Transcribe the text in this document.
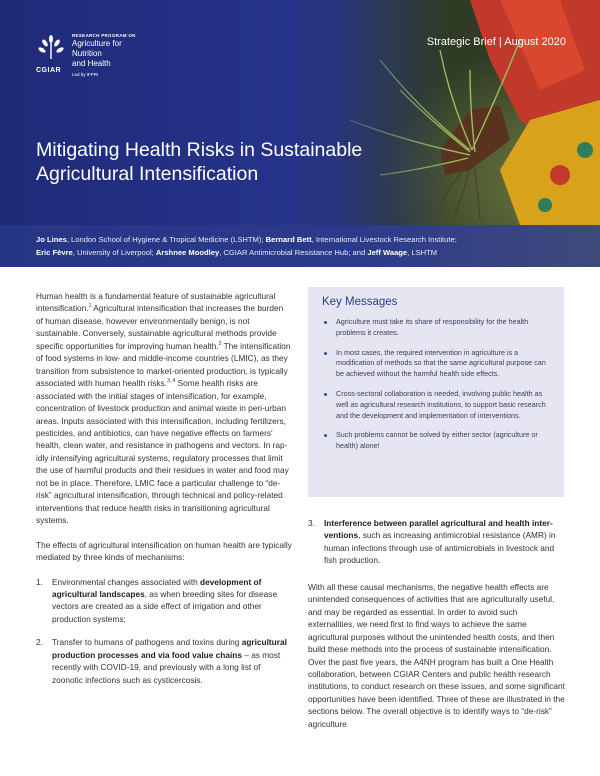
RESEARCH PROGRAM ON
Agriculture for
Nutrition
and Health
Led by IFPRI
CGIAR
Strategic Brief | August 2020
Mitigating Health Risks in Sustainable Agricultural Intensification
Jo Lines, London School of Hygiene & Tropical Medicine (LSHTM); Bernard Bett, International Livestock Research Institute;
Eric Fèvre, University of Liverpool; Arshnee Moodley, CGIAR Antimicrobial Resistance Hub; and Jeff Waage, LSHTM

Human health is a fundamental feature of sustainable agricultural intensification.$^1$ Agricultural intensification that increases the burden of human disease, however environmentally benign, is not sustainable. Conversely, sustainable agricultural methods provide specific opportunities for improving human health.$^2$ The intensification of food systems in low- and middle-income countries (LMIC), as they transition from subsistence to market-oriented production, is typically associated with human health risks.$^{3, 4}$ Some health risks are associated with the initial stages of intensification, for example, concentration of livestock production and animal waste in peri-urban areas. Inputs associated with this intensification, including fertilizers, pesticides, and antibiotics, can have negative effects on farmers' health, clean water, and resistance in pathogens and vectors. In rapidly intensifying agricultural systems, regulatory processes that limit the use of harmful products and their residues in water and food may not be in place. Therefore, LMIC face a particular challenge to “de-risk” agricultural intensification, through technical and policy-related interventions that reduce health risks in transitioning agricultural systems.

The effects of agricultural intensification on human health are typically mediated by three kinds of mechanisms:

1. Environmental changes associated with development of agricultural landscapes, as when breeding sites for disease vectors are created as a side effect of irrigation and other production systems;
2. Transfer to humans of pathogens and toxins during agricultural production processes and via food value chains – as most recently with COVID-19, and previously with a long list of zoonotic infections such as cysticercosis.
Key Messages
Agriculture must take its share of responsibility for the health problems it creates.
In most cases, the required intervention in agriculture is a modification of methods so that the same agricultural purpose can be achieved without the harmful health side effects.
Cross-sectoral collaboration is needed, involving public health as well as agricultural research institutions, to support basic research and the development and implementation of interventions.
Such problems cannot be solved by either sector (agriculture or health) alone!
3. Interference between parallel agricultural and health interventions, such as increasing antimicrobial resistance (AMR) in human infections through use of antimicrobials in livestock and fish production.

With all these causal mechanisms, the negative health effects are unintended consequences of activities that are agriculturally useful, and may be regarded as essential. In order to avoid such externalities, we need first to find ways to achieve the same agricultural purposes without the unintended health costs, and then build these methods into the process of sustainable intensification. Over the past five years, the A4NH program has built a One Health collaboration, between CGIAR Centers and public health research institutions, to conduct research on these issues, and some significant opportunities have been identified. Three of these are illustrated in the sections below. The overall objective is to identify ways to “de-risk” agriculture
